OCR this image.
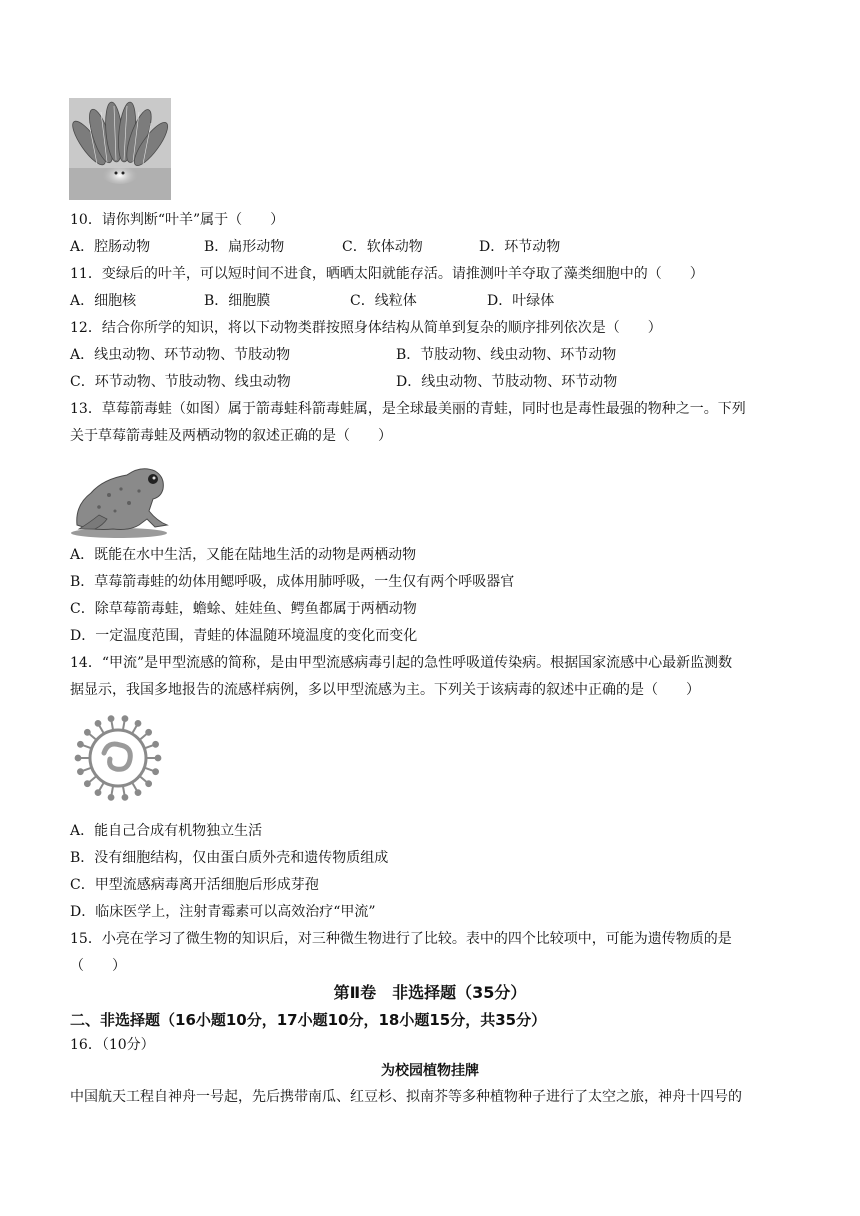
10．请你判断“叶羊”属于（　　）
A．腔肠动物	B．扁形动物	C．软体动物	D．环节动物
11．变绿后的叶羊，可以短时间不进食，晒晒太阳就能存活。请推测叶羊夺取了藻类细胞中的（　　）
A．细胞核	B．细胞膜	C．线粒体	D．叶绿体
12．结合你所学的知识，将以下动物类群按照身体结构从简单到复杂的顺序排列依次是（　　）
A．线虫动物、环节动物、节肢动物	B．节肢动物、线虫动物、环节动物
C．环节动物、节肢动物、线虫动物	D．线虫动物、节肢动物、环节动物
13．草莓箭毒蛙（如图）属于箭毒蛙科箭毒蛙属，是全球最美丽的青蛙，同时也是毒性最强的物种之一。下列
关于草莓箭毒蛙及两栖动物的叙述正确的是（　　）
A．既能在水中生活，又能在陆地生活的动物是两栖动物
B．草莓箭毒蛙的幼体用鳃呼吸，成体用肺呼吸，一生仅有两个呼吸器官
C．除草莓箭毒蛙，蟾蜍、娃娃鱼、鳄鱼都属于两栖动物
D．一定温度范围，青蛙的体温随环境温度的变化而变化
14．“甲流”是甲型流感的简称，是由甲型流感病毒引起的急性呼吸道传染病。根据国家流感中心最新监测数
据显示，我国多地报告的流感样病例，多以甲型流感为主。下列关于该病毒的叙述中正确的是（　　）
A．能自己合成有机物独立生活
B．没有细胞结构，仅由蛋白质外壳和遗传物质组成
C．甲型流感病毒离开活细胞后形成芽孢
D．临床医学上，注射青霉素可以高效治疗“甲流”
15．小亮在学习了微生物的知识后，对三种微生物进行了比较。表中的四个比较项中，可能为遗传物质的是
（　　）
第Ⅱ卷　非选择题（35分）
二、非选择题（16小题10分，17小题10分，18小题15分，共35分）
16．（10分）
为校园植物挂牌
中国航天工程自神舟一号起，先后携带南瓜、红豆杉、拟南芥等多种植物种子进行了太空之旅，神舟十四号的
